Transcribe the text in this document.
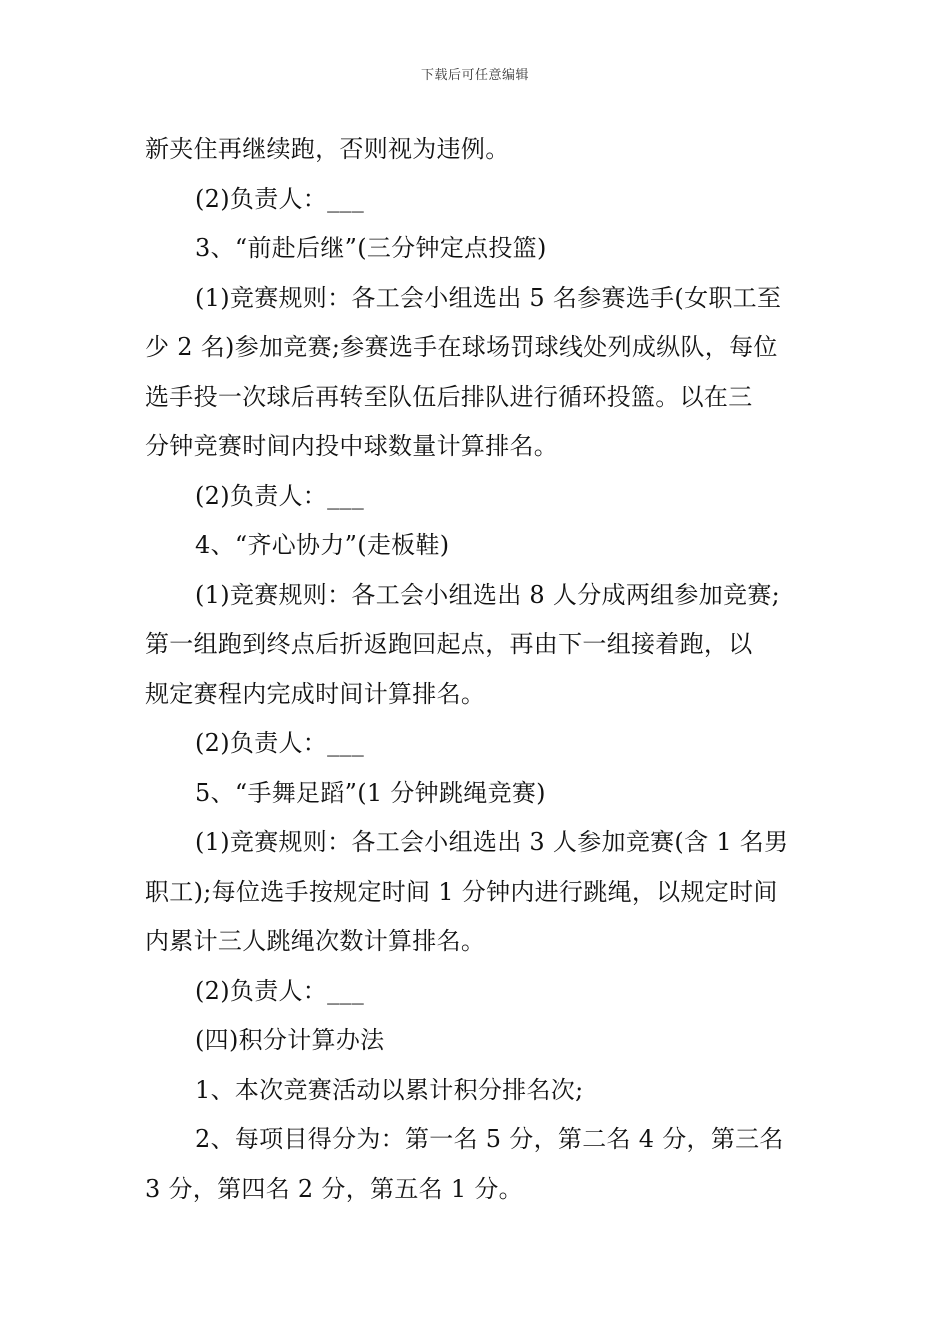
下载后可任意编辑
新夹住再继续跑，否则视为违例。
(2)负责人：___
3、“前赴后继”(三分钟定点投篮)
(1)竞赛规则：各工会小组选出 5 名参赛选手(女职工至
少 2 名)参加竞赛;参赛选手在球场罚球线处列成纵队，每位
选手投一次球后再转至队伍后排队进行循环投篮。以在三
分钟竞赛时间内投中球数量计算排名。
(2)负责人：___
4、“齐心协力”(走板鞋)
(1)竞赛规则：各工会小组选出 8 人分成两组参加竞赛;
第一组跑到终点后折返跑回起点，再由下一组接着跑，以
规定赛程内完成时间计算排名。
(2)负责人：___
5、“手舞足蹈”(1 分钟跳绳竞赛)
(1)竞赛规则：各工会小组选出 3 人参加竞赛(含 1 名男
职工);每位选手按规定时间 1 分钟内进行跳绳，以规定时间
内累计三人跳绳次数计算排名。
(2)负责人：___
(四)积分计算办法
1、本次竞赛活动以累计积分排名次;
2、每项目得分为：第一名 5 分，第二名 4 分，第三名
3 分，第四名 2 分，第五名 1 分。
